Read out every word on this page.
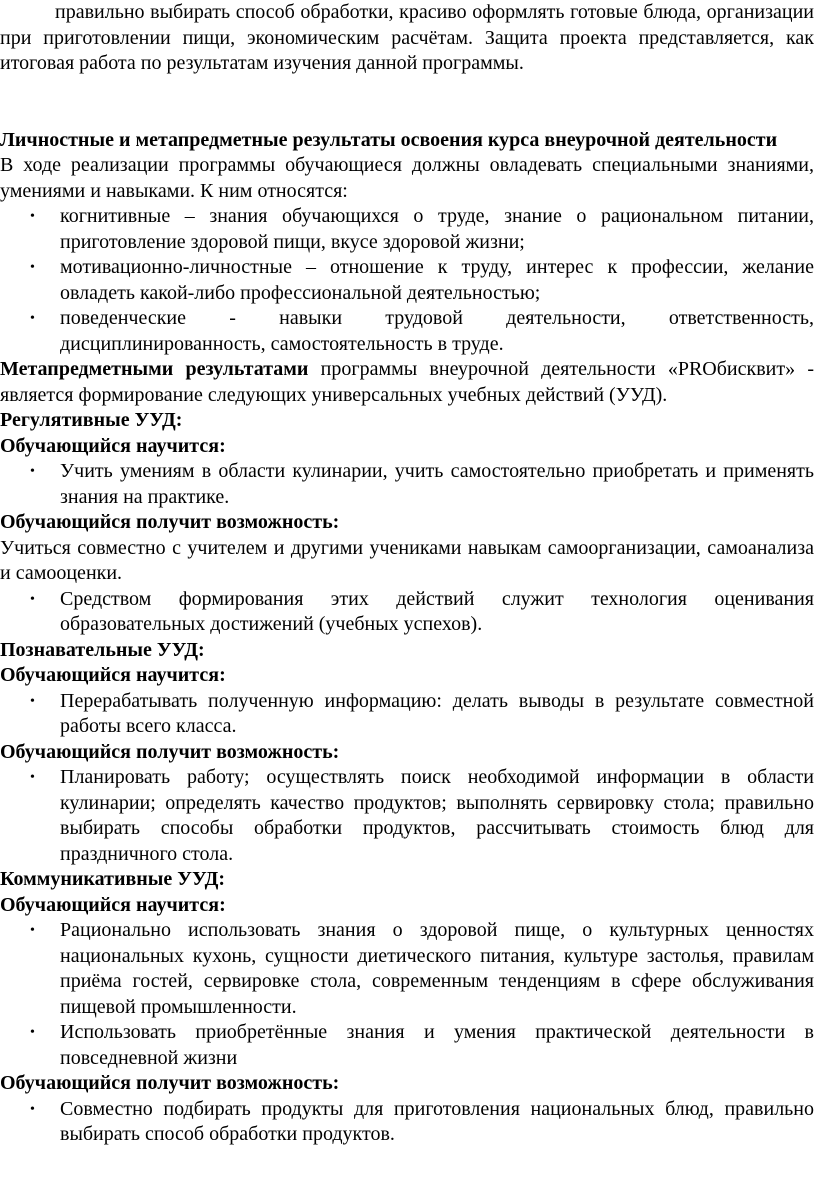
правильно выбирать способ обработки, красиво оформлять готовые блюда, организации при приготовлении пищи, экономическим расчётам. Защита проекта представляется, как итоговая работа по результатам изучения данной программы.

Личностные и метапредметные результаты освоения курса внеурочной деятельности

В ходе реализации программы обучающиеся должны овладевать специальными знаниями, умениями и навыками. К ним относятся:

• когнитивные – знания обучающихся о труде, знание о рациональном питании, приготовление здоровой пищи, вкусе здоровой жизни;
• мотивационно-личностные – отношение к труду, интерес к профессии, желание овладеть какой-либо профессиональной деятельностью;
• поведенческие - навыки трудовой деятельности, ответственность, дисциплинированность, самостоятельность в труде.

Метапредметными результатами программы внеурочной деятельности «PROбисквит» - является формирование следующих универсальных учебных действий (УУД).

Регулятивные УУД:

Обучающийся научится:

• Учить умениям в области кулинарии, учить самостоятельно приобретать и применять знания на практике.

Обучающийся получит возможность:

Учиться совместно с учителем и другими учениками навыкам самоорганизации, самоанализа и самооценки.

• Средством формирования этих действий служит технология оценивания образовательных достижений (учебных успехов).

Познавательные УУД:

Обучающийся научится:

• Перерабатывать полученную информацию: делать выводы в результате совместной работы всего класса.

Обучающийся получит возможность:

• Планировать работу; осуществлять поиск необходимой информации в области кулинарии; определять качество продуктов; выполнять сервировку стола; правильно выбирать способы обработки продуктов, рассчитывать стоимость блюд для праздничного стола.

Коммуникативные УУД:

Обучающийся научится:

• Рационально использовать знания о здоровой пище, о культурных ценностях национальных кухонь, сущности диетического питания, культуре застолья, правилам приёма гостей, сервировке стола, современным тенденциям в сфере обслуживания пищевой промышленности.
• Использовать приобретённые знания и умения практической деятельности в повседневной жизни

Обучающийся получит возможность:

• Совместно подбирать продукты для приготовления национальных блюд, правильно выбирать способ обработки продуктов.
